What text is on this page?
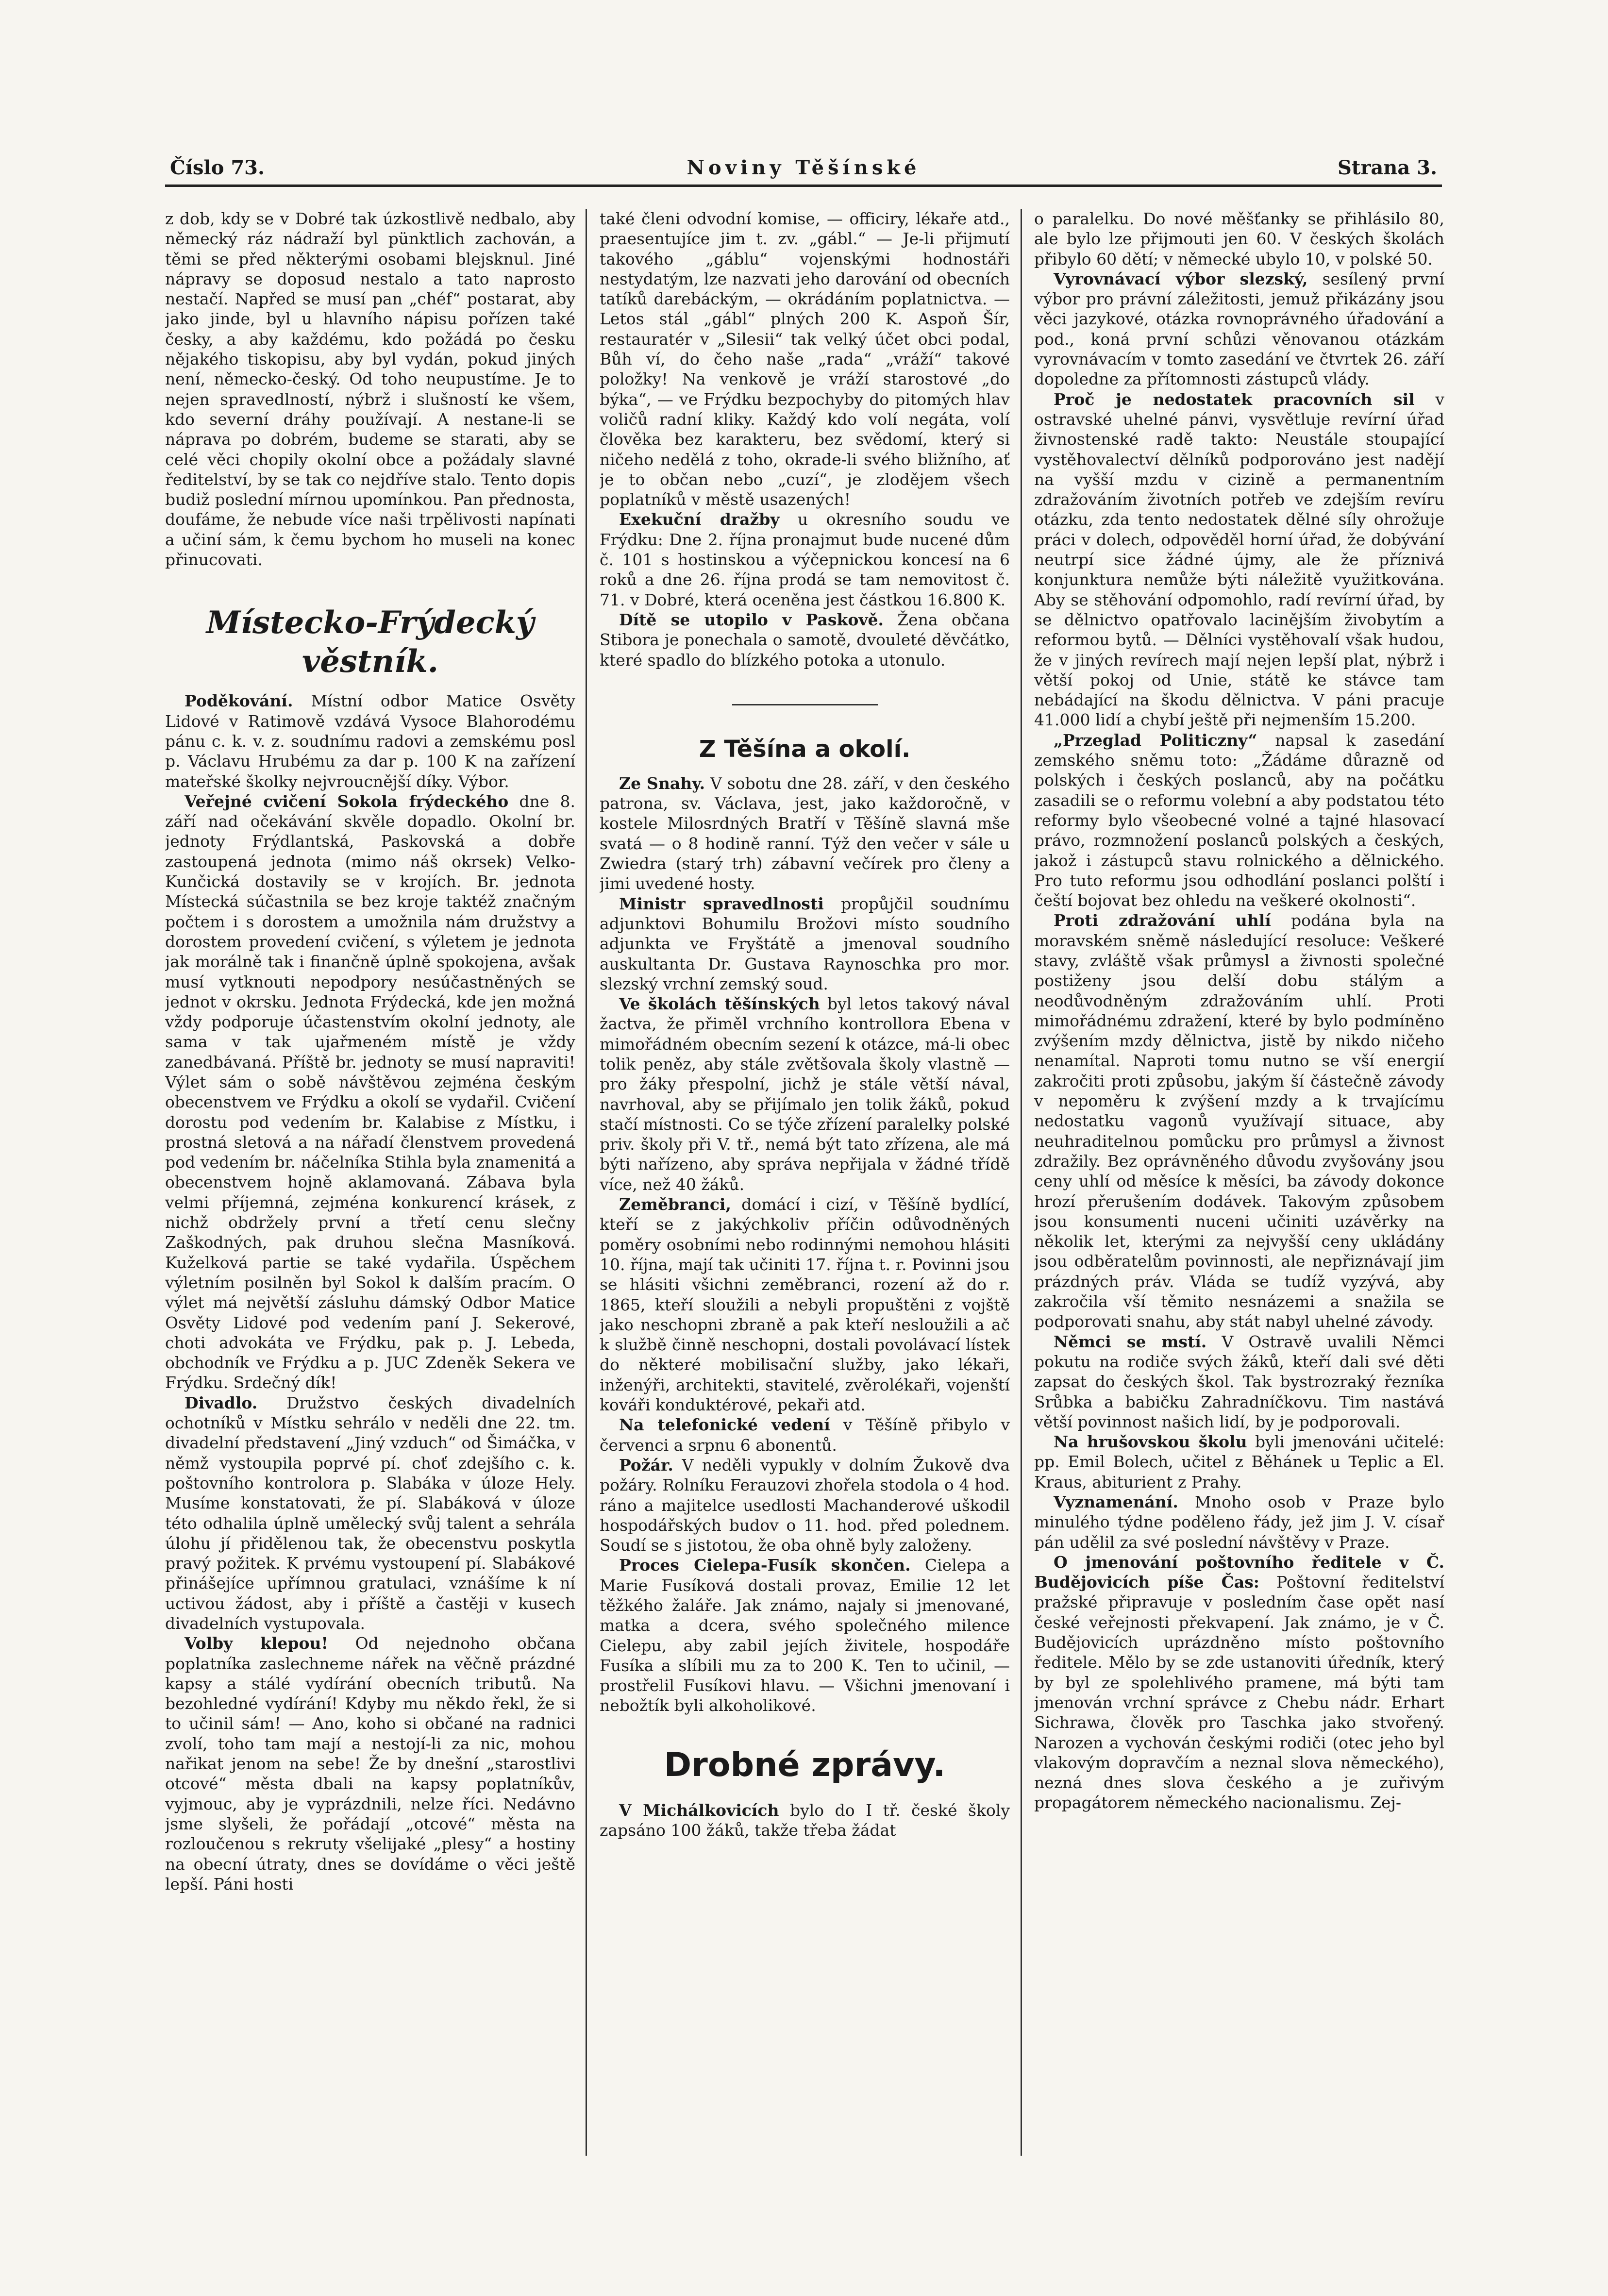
Číslo 73.	Noviny Těšínské	Strana 3.

z dob, kdy se v Dobré tak úzkostlivě nedbalo, aby německý ráz nádraží byl pünktlich zachován, a těmi se před některými osobami blejsknul. Jiné nápravy se doposud nestalo a tato naprosto nestačí. Napřed se musí pan „chéf“ postarat, aby jako jinde, byl u hlavního nápisu pořízen také česky, a aby každému, kdo požádá po česku nějakého tiskopisu, aby byl vydán, pokud jiných není, německo-český. Od toho neupustíme. Je to nejen spravedlností, nýbrž i slušností ke všem, kdo severní dráhy používají. A nestane-li se náprava po dobrém, budeme se starati, aby se celé věci chopily okolní obce a požádaly slavné ředitelství, by se tak co nejdříve stalo. Tento dopis budiž poslední mírnou upomínkou. Pan přednosta, doufáme, že nebude více naši trpělivosti napínati a učiní sám, k čemu bychom ho museli na konec přinucovati.

Místecko-Frýdecký věstník.

Poděkování. Místní odbor Matice Osvěty Lidové v Ratimově vzdává Vysoce Blahorodému pánu c. k. v. z. soudnímu radovi a zemskému posl p. Václavu Hrubému za dar p. 100 K na zařízení mateřské školky nejvroucnější díky. Výbor.

Veřejné cvičení Sokola frýdeckého dne 8. září nad očekávání skvěle dopadlo. Okolní br. jednoty Frýdlantská, Paskovská a dobře zastoupená jednota (mimo náš okrsek) Velko-Kunčická dostavily se v krojích. Br. jednota Místecká súčastnila se bez kroje taktéž značným počtem i s dorostem a umožnila nám družstvy a dorostem provedení cvičení, s výletem je jednota jak morálně tak i finančně úplně spokojena, avšak musí vytknouti nepodpory nesúčastněných se jednot v okrsku. Jednota Frýdecká, kde jen možná vždy podporuje účastenstvím okolní jednoty, ale sama v tak ujařmeném místě je vždy zanedbávaná. Příště br. jednoty se musí napraviti! Výlet sám o sobě návštěvou zejména českým obecenstvem ve Frýdku a okolí se vydařil. Cvičení dorostu pod vedením br. Kalabise z Místku, i prostná sletová a na nářadí členstvem provedená pod vedením br. náčelníka Stihla byla znamenitá a obecenstvem hojně aklamovaná. Zábava byla velmi příjemná, zejména konkurencí krásek, z nichž obdržely první a třetí cenu slečny Zaškodných, pak druhou slečna Masníková. Kuželková partie se také vydařila. Úspěchem výletním posilněn byl Sokol k dalším pracím. O výlet má největší zásluhu dámský Odbor Matice Osvěty Lidové pod vedením paní J. Sekerové, choti advokáta ve Frýdku, pak p. J. Lebeda, obchodník ve Frýdku a p. JUC Zdeněk Sekera ve Frýdku. Srdečný dík!

Divadlo. Družstvo českých divadelních ochotníků v Místku sehrálo v neděli dne 22. tm. divadelní představení „Jiný vzduch“ od Šimáčka, v němž vystoupila poprvé pí. choť zdejšího c. k. poštovního kontrolora p. Slabáka v úloze Hely. Musíme konstatovati, že pí. Slabáková v úloze této odhalila úplně umělecký svůj talent a sehrála úlohu jí přidělenou tak, že obecenstvu poskytla pravý požitek. K prvému vystoupení pí. Slabákové přinášejíce upřímnou gratulaci, vznášíme k ní uctivou žádost, aby i příště a častěji v kusech divadelních vystupovala.

Volby klepou! Od nejednoho občana poplatníka zaslechneme nářek na věčně prázdné kapsy a stálé vydírání obecních tributů. Na bezohledné vydírání! Kdyby mu někdo řekl, že si to učinil sám! — Ano, koho si občané na radnici zvolí, toho tam mají a nestojí-li za nic, mohou nařikat jenom na sebe! Že by dnešní „starostlivi otcové“ města dbali na kapsy poplatníkův, vyjmouc, aby je vyprázdnili, nelze říci. Nedávno jsme slyšeli, že pořádají „otcové“ města na rozloučenou s rekruty všelijaké „plesy“ a hostiny na obecní útraty, dnes se dovídáme o věci ještě lepší. Páni hosti

také členi odvodní komise, — officiry, lékaře atd., praesentujíce jim t. zv. „gábl.“ — Je-li přijmutí takového „gáblu“ vojenskými hodnostáři nestydatým, lze nazvati jeho darování od obecních tatíků darebáckým, — okrádáním poplatnictva. — Letos stál „gábl“ plných 200 K. Aspoň Šír, restauratér v „Silesii“ tak velký účet obci podal, Bůh ví, do čeho naše „rada“ „vráží“ takové položky! Na venkově je vráží starostové „do býka“, — ve Frýdku bezpochyby do pitomých hlav voličů radní kliky. Každý kdo volí negáta, volí člověka bez karakteru, bez svědomí, který si ničeho nedělá z toho, okrade-li svého bližního, ať je to občan nebo „cuzí“, je zlodějem všech poplatníků v městě usazených!

Exekuční dražby u okresního soudu ve Frýdku: Dne 2. října pronajmut bude nucené dům č. 101 s hostinskou a výčepnickou koncesí na 6 roků a dne 26. října prodá se tam nemovitost č. 71. v Dobré, která oceněna jest částkou 16.800 K.

Dítě se utopilo v Paskově. Žena občana Stibora je ponechala o samotě, dvouleté děvčátko, které spadlo do blízkého potoka a utonulo.

Z Těšína a okolí.

Ze Snahy. V sobotu dne 28. září, v den českého patrona, sv. Václava, jest, jako každoročně, v kostele Milosrdných Bratří v Těšíně slavná mše svatá — o 8 hodině ranní. Týž den večer v sále u Zwiedra (starý trh) zábavní večírek pro členy a jimi uvedené hosty.

Ministr spravedlnosti propůjčil soudnímu adjunktovi Bohumilu Brožovi místo soudního adjunkta ve Fryštátě a jmenoval soudního auskultanta Dr. Gustava Raynoschka pro mor. slezský vrchní zemský soud.

Ve školách těšínských byl letos takový nával žactva, že přiměl vrchního kontrollora Ebena v mimořádném obecním sezení k otázce, má-li obec tolik peněz, aby stále zvětšovala školy vlastně — pro žáky přespolní, jichž je stále větší nával, navrhoval, aby se přijímalo jen tolik žáků, pokud stačí místnosti. Co se týče zřízení paralelky polské priv. školy při V. tř., nemá být tato zřízena, ale má býti nařízeno, aby správa nepřijala v žádné třídě více, než 40 žáků.

Zeměbranci, domácí i cizí, v Těšíně bydlící, kteří se z jakýchkoliv příčin odůvodněných poměry osobními nebo rodinnými nemohou hlásiti 10. října, mají tak učiniti 17. října t. r. Povinni jsou se hlásiti všichni zeměbranci, rození až do r. 1865, kteří sloužili a nebyli propuštěni z vojště jako neschopni zbraně a pak kteří nesloužili a ač k službě činně neschopni, dostali povolávací lístek do některé mobilisační služby, jako lékaři, inženýři, architekti, stavitelé, zvěrolékaři, vojenští kováři konduktérové, pekaři atd.

Na telefonické vedení v Těšíně přibylo v červenci a srpnu 6 abonentů.

Požár. V neděli vypukly v dolním Žukově dva požáry. Rolníku Ferauzovi zhořela stodola o 4 hod. ráno a majitelce usedlosti Machanderové uškodil hospodářských budov o 11. hod. před polednem. Soudí se s jistotou, že oba ohně byly založeny.

Proces Cielepa-Fusík skončen. Cielepa a Marie Fusíková dostali provaz, Emilie 12 let těžkého žaláře. Jak známo, najaly si jmenované, matka a dcera, svého společného milence Cielepu, aby zabil jejích živitele, hospodáře Fusíka a slíbili mu za to 200 K. Ten to učinil, — prostřelil Fusíkovi hlavu. — Všichni jmenovaní i nebožtík byli alkoholikové.

Drobné zprávy.

V Michálkovicích bylo do I tř. české školy zapsáno 100 žáků, takže třeba žádat

o paralelku. Do nové měšťanky se přihlásilo 80, ale bylo lze přijmouti jen 60. V českých školách přibylo 60 dětí; v německé ubylo 10, v polské 50.

Vyrovnávací výbor slezský, sesílený první výbor pro právní záležitosti, jemuž přikázány jsou věci jazykové, otázka rovnoprávného úřadování a pod., koná první schůzi věnovanou otázkám vyrovnávacím v tomto zasedání ve čtvrtek 26. září dopoledne za přítomnosti zástupců vlády.

Proč je nedostatek pracovních sil v ostravské uhelné pánvi, vysvětluje revírní úřad živnostenské radě takto: Neustále stoupající vystěhovalectví dělníků podporováno jest nadějí na vyšší mzdu v cizině a permanentním zdražováním životních potřeb ve zdejším revíru otázku, zda tento nedostatek dělné síly ohrožuje práci v dolech, odpověděl horní úřad, že dobývání neutrpí sice žádné újmy, ale že příznivá konjunktura nemůže býti náležitě využitkována. Aby se stěhování odpomohlo, radí revírní úřad, by se dělnictvo opatřovalo lacinějším živobytím a reformou bytů. — Dělníci vystěhovalí však hudou, že v jiných revírech mají nejen lepší plat, nýbrž i větší pokoj od Unie, státě ke stávce tam nebádající na škodu dělnictva. V páni pracuje 41.000 lidí a chybí ještě při nejmenším 15.200.

„Przeglad Politiczny“ napsal k zasedání zemského sněmu toto: „Žádáme důrazně od polských i českých poslanců, aby na počátku zasadili se o reformu volební a aby podstatou této reformy bylo všeobecné volné a tajné hlasovací právo, rozmnožení poslanců polských a českých, jakož i zástupců stavu rolnického a dělnického. Pro tuto reformu jsou odhodlání poslanci polští i čeští bojovat bez ohledu na veškeré okolnosti“.

Proti zdražování uhlí podána byla na moravském sněmě následující resoluce: Veškeré stavy, zvláště však průmysl a živnosti společné postiženy jsou delší dobu stálým a neodůvodněným zdražováním uhlí. Proti mimořádnému zdražení, které by bylo podmíněno zvýšením mzdy dělnictva, jistě by nikdo ničeho nenamítal. Naproti tomu nutno se vší energií zakročiti proti způsobu, jakým ší částečně závody v nepoměru k zvýšení mzdy a k trvajícímu nedostatku vagonů využívají situace, aby neuhraditelnou pomůcku pro průmysl a živnost zdražily. Bez oprávněného důvodu zvyšovány jsou ceny uhlí od měsíce k měsíci, ba závody dokonce hrozí přerušením dodávek. Takovým způsobem jsou konsumenti nuceni učiniti uzávěrky na několik let, kterými za nejvyšší ceny ukládány jsou odběratelům povinnosti, ale nepřiznávají jim prázdných práv. Vláda se tudíž vyzývá, aby zakročila vší těmito nesnázemi a snažila se podporovati snahu, aby stát nabyl uhelné závody.

Němci se mstí. V Ostravě uvalili Němci pokutu na rodiče svých žáků, kteří dali své děti zapsat do českých škol. Tak bystrozraký řezníka Srůbka a babičku Zahradníčkovu. Tim nastává větší povinnost našich lidí, by je podporovali.

Na hrušovskou školu byli jmenováni učitelé: pp. Emil Bolech, učitel z Běhánek u Teplic a El. Kraus, abiturient z Prahy.

Vyznamenání. Mnoho osob v Praze bylo minulého týdne poděleno řády, jež jim J. V. císař pán udělil za své poslední návštěvy v Praze.

O jmenování poštovního ředitele v Č. Budějovicích píše Čas: Poštovní ředitelství pražské připravuje v posledním čase opět nasí české veřejnosti překvapení. Jak známo, je v Č. Budějovicích uprázdněno místo poštovního ředitele. Mělo by se zde ustanoviti úředník, který by byl ze spolehlivého pramene, má býti tam jmenován vrchní správce z Chebu nádr. Erhart Sichrawa, člověk pro Taschka jako stvořený. Narozen a vychován českými rodiči (otec jeho byl vlakovým dopravčím a neznal slova německého), nezná dnes slova českého a je zuřivým propagátorem německého nacionalismu. Zej-
